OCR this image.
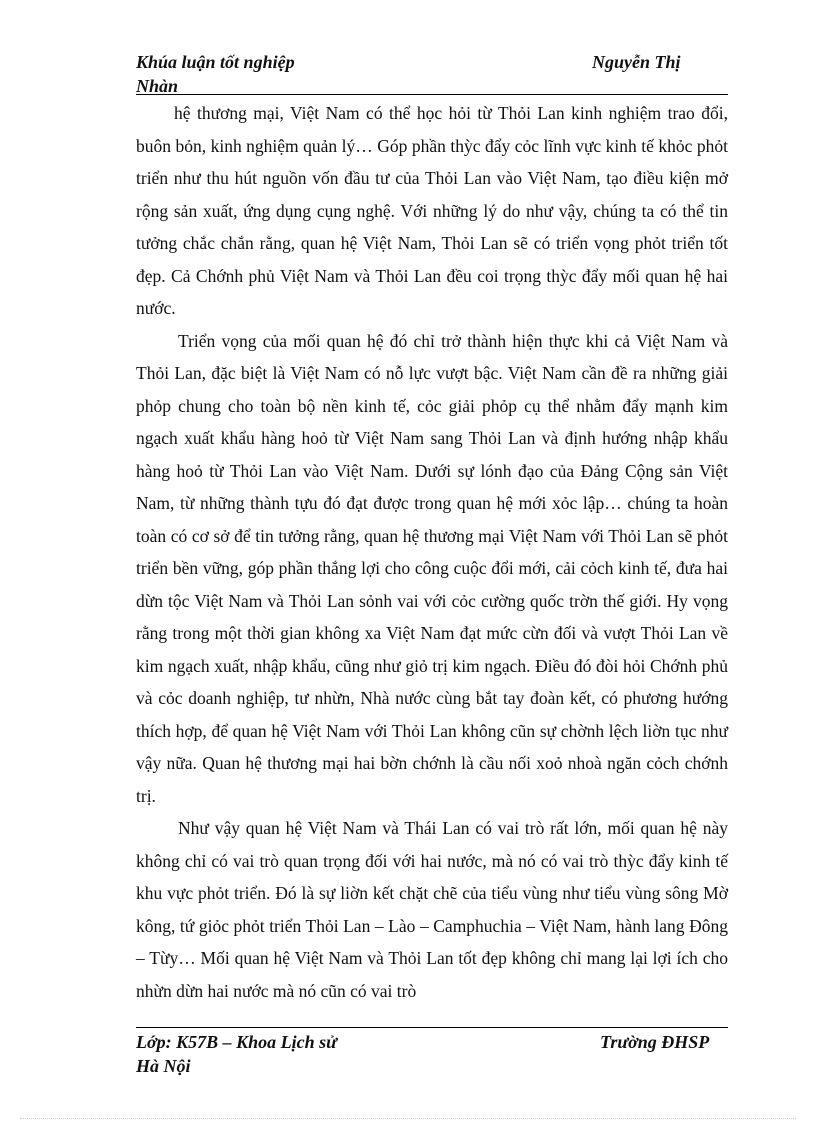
Khúa luận tốt nghiệp	Nguyễn Thị
Nhàn

hệ thương mại, Việt Nam có thể học hỏi từ Thỏi Lan kinh nghiệm trao đổi, buôn bỏn, kinh nghiệm quản lý… Góp phần thỳc đẩy cỏc lĩnh vực kinh tế khỏc phỏt triển như thu hút nguồn vốn đầu tư của Thỏi Lan vào Việt Nam, tạo điều kiện mở rộng sản xuất, ứng dụng cụng nghệ. Với những lý do như vậy, chúng ta có thể tin tưởng chắc chắn rằng, quan hệ Việt Nam, Thỏi Lan sẽ có triển vọng phỏt triển tốt đẹp. Cả Chớnh phủ Việt Nam và Thỏi Lan đều coi trọng thỳc đẩy mối quan hệ hai nước.

Triển vọng của mối quan hệ đó chỉ trở thành hiện thực khi cả Việt Nam và Thỏi Lan, đặc biệt là Việt Nam có nỗ lực vượt bậc. Việt Nam cần đề ra những giải phỏp chung cho toàn bộ nền kinh tế, cỏc giải phỏp cụ thể nhằm đẩy mạnh kim ngạch xuất khẩu hàng hoỏ từ Việt Nam sang Thỏi Lan và định hướng nhập khẩu hàng hoỏ từ Thỏi Lan vào Việt Nam. Dưới sự lónh đạo của Đảng Cộng sản Việt Nam, từ những thành tựu đó đạt được trong quan hệ mới xỏc lập… chúng ta hoàn toàn có cơ sở để tin tưởng rằng, quan hệ thương mại Việt Nam với Thỏi Lan sẽ phỏt triển bền vững, góp phần thắng lợi cho công cuộc đổi mới, cải cỏch kinh tế, đưa hai dừn tộc Việt Nam và Thỏi Lan sỏnh vai với cỏc cường quốc trờn thế giới. Hy vọng rằng trong một thời gian không xa Việt Nam đạt mức cừn đối và vượt Thỏi Lan về kim ngạch xuất, nhập khẩu, cũng như giỏ trị kim ngạch. Điều đó đòi hỏi Chớnh phủ và cỏc doanh nghiệp, tư nhừn, Nhà nước cùng bắt tay đoàn kết, có phương hướng thích hợp, để quan hệ Việt Nam với Thỏi Lan không cũn sự chờnh lệch liờn tục như vậy nữa. Quan hệ thương mại hai bờn chớnh là cầu nối xoỏ nhoà ngăn cỏch chớnh trị.

Như vậy quan hệ Việt Nam và Thái Lan có vai trò rất lớn, mối quan hệ này không chỉ có vai trò quan trọng đối với hai nước, mà nó có vai trò thỳc đẩy kinh tế khu vực phỏt triển. Đó là sự liờn kết chặt chẽ của tiểu vùng như tiểu vùng sông Mờ kông, tứ giỏc phỏt triển Thỏi Lan – Lào – Camphuchia – Việt Nam, hành lang Đông – Từy… Mối quan hệ Việt Nam và Thỏi Lan tốt đẹp không chỉ mang lại lợi ích cho nhừn dừn hai nước mà nó cũn có vai trò

Lớp: K57B – Khoa Lịch sử	Trường ĐHSP
Hà Nội
